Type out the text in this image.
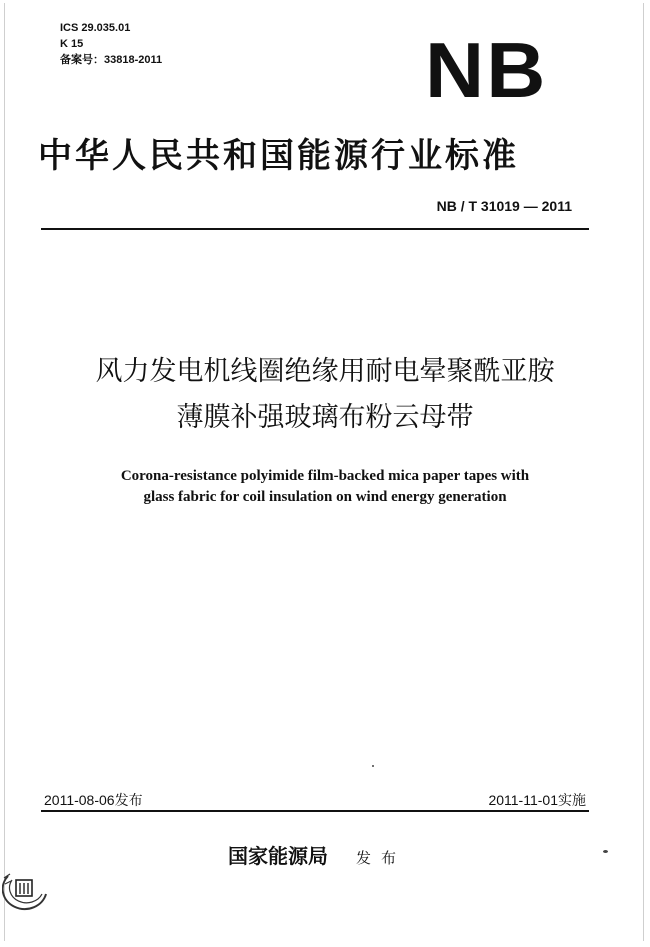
ICS 29.035.01
K 15
备案号：33818-2011	NB
中华人民共和国能源行业标准
NB / T 31019 — 2011
风力发电机线圈绝缘用耐电晕聚酰亚胺
薄膜补强玻璃布粉云母带
Corona-resistance polyimide film-backed mica paper tapes with
glass fabric for coil insulation on wind energy generation
2011-08-06发布	2011-11-01实施
国家能源局 发布
